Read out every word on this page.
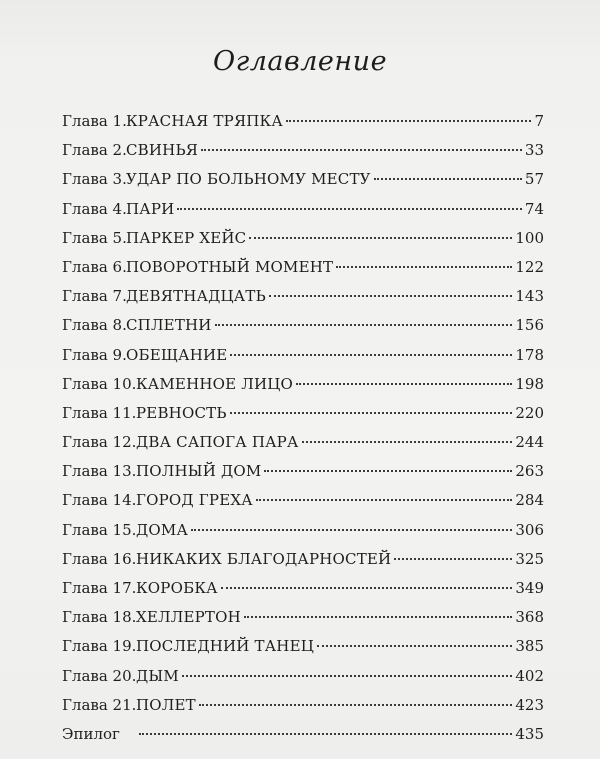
Оглавление
Глава 1. КРАСНАЯ ТРЯПКА	7
Глава 2. СВИНЬЯ	33
Глава 3. УДАР ПО БОЛЬНОМУ МЕСТУ	57
Глава 4. ПАРИ	74
Глава 5. ПАРКЕР ХЕЙС	100
Глава 6. ПОВОРОТНЫЙ МОМЕНТ	122
Глава 7. ДЕВЯТНАДЦАТЬ	143
Глава 8. СПЛЕТНИ	156
Глава 9. ОБЕЩАНИЕ	178
Глава 10. КАМЕННОЕ ЛИЦО	198
Глава 11. РЕВНОСТЬ	220
Глава 12. ДВА САПОГА ПАРА	244
Глава 13. ПОЛНЫЙ ДОМ	263
Глава 14. ГОРОД ГРЕХА	284
Глава 15. ДОМА	306
Глава 16. НИКАКИХ БЛАГОДАРНОСТЕЙ	325
Глава 17. КОРОБКА	349
Глава 18. ХЕЛЛЕРТОН	368
Глава 19. ПОСЛЕДНИЙ ТАНЕЦ	385
Глава 20. ДЫМ	402
Глава 21. ПОЛЕТ	423
Эпилог	435
